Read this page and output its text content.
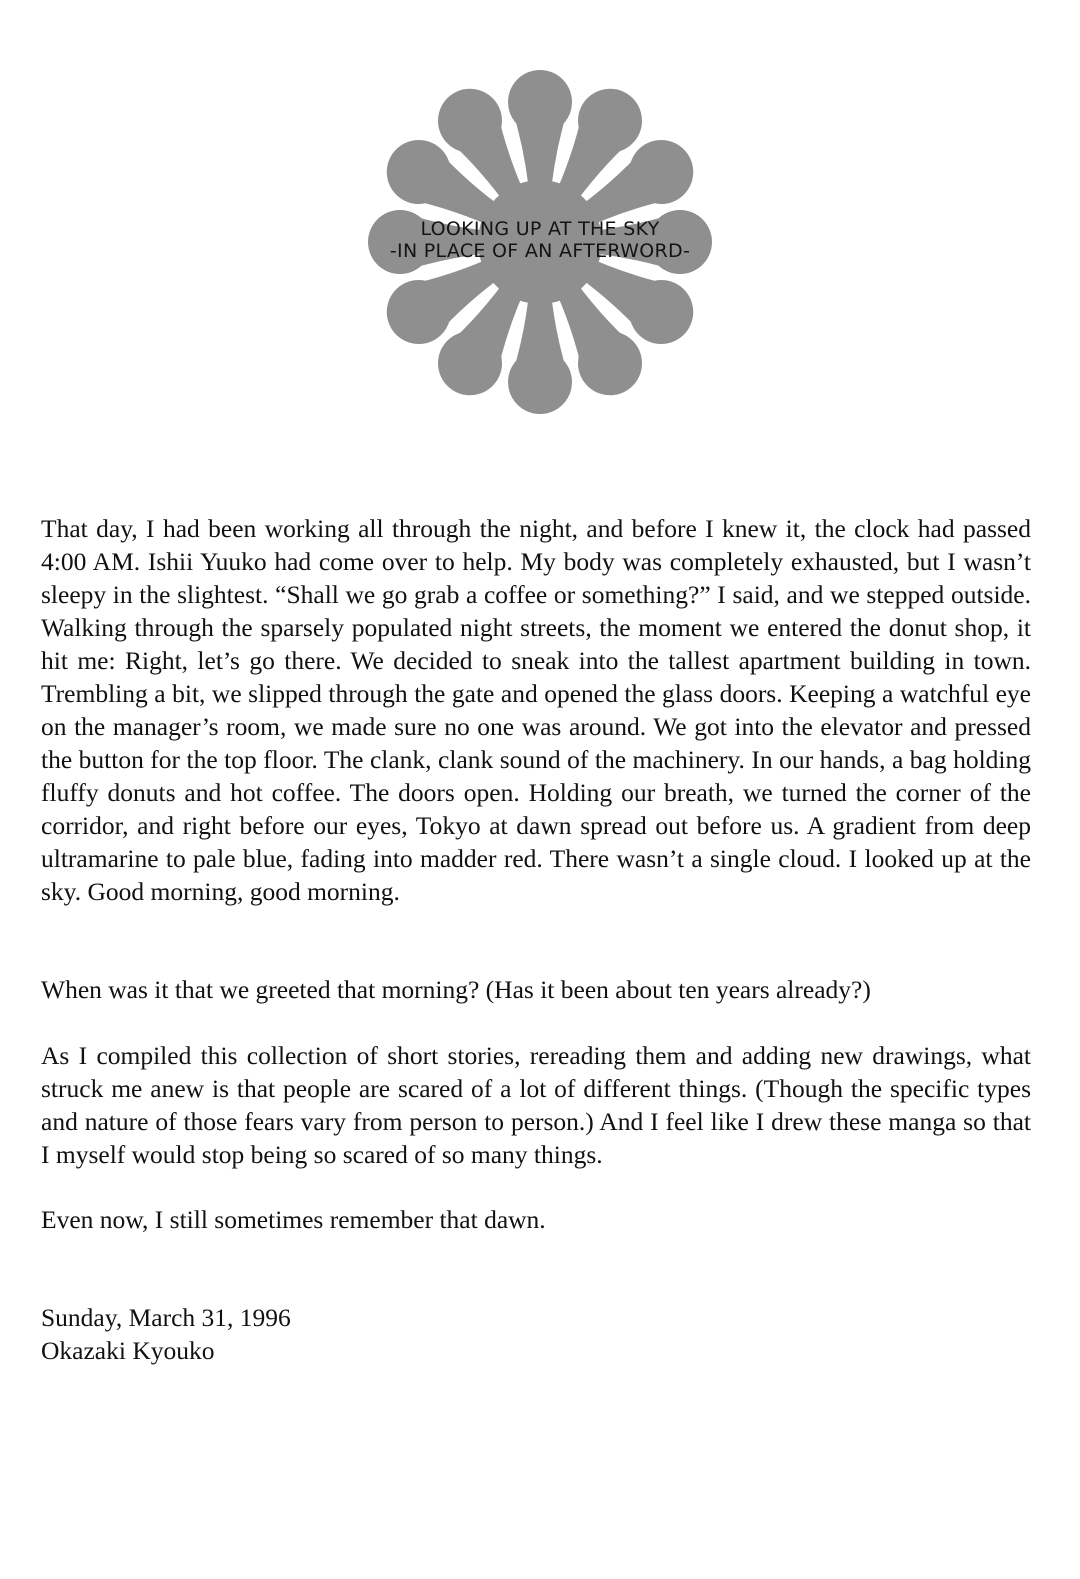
LOOKING UP AT THE SKY
-IN PLACE OF AN AFTERWORD-

That day, I had been working all through the night, and before I knew it, the clock had passed 4:00 AM. Ishii Yuuko had come over to help. My body was completely exhausted, but I wasn’t sleepy in the slightest. “Shall we go grab a coffee or something?” I said, and we stepped outside. Walking through the sparsely populated night streets, the moment we entered the donut shop, it hit me: Right, let’s go there. We decided to sneak into the tallest apartment building in town. Trembling a bit, we slipped through the gate and opened the glass doors. Keeping a watchful eye on the manager’s room, we made sure no one was around. We got into the elevator and pressed the button for the top floor. The clank, clank sound of the machinery. In our hands, a bag holding fluffy donuts and hot coffee. The doors open. Holding our breath, we turned the corner of the corridor, and right before our eyes, Tokyo at dawn spread out before us. A gradient from deep ultramarine to pale blue, fading into madder red. There wasn’t a single cloud. I looked up at the sky. Good morning, good morning.

When was it that we greeted that morning? (Has it been about ten years already?)

As I compiled this collection of short stories, rereading them and adding new drawings, what struck me anew is that people are scared of a lot of different things. (Though the specific types and nature of those fears vary from person to person.) And I feel like I drew these manga so that I myself would stop being so scared of so many things.

Even now, I still sometimes remember that dawn.

Sunday, March 31, 1996

Okazaki Kyouko
